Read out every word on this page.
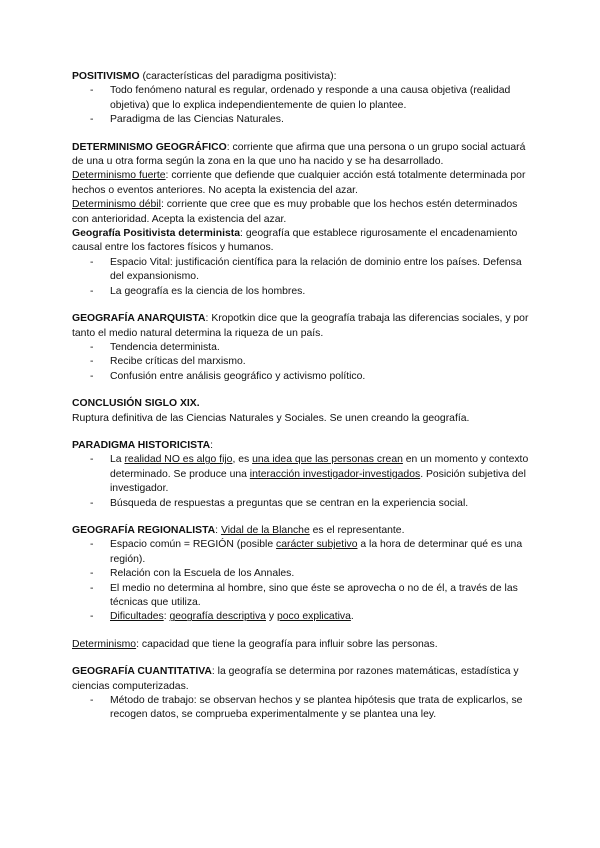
POSITIVISMO (características del paradigma positivista):

- Todo fenómeno natural es regular, ordenado y responde a una causa objetiva (realidad objetiva) que lo explica independientemente de quien lo plantee.
- Paradigma de las Ciencias Naturales.

DETERMINISMO GEOGRÁFICO: corriente que afirma que una persona o un grupo social actuará de una u otra forma según la zona en la que uno ha nacido y se ha desarrollado.

Determinismo fuerte: corriente que defiende que cualquier acción está totalmente determinada por hechos o eventos anteriores. No acepta la existencia del azar.

Determinismo débil: corriente que cree que es muy probable que los hechos estén determinados con anterioridad. Acepta la existencia del azar.

Geografía Positivista determinista: geografía que establece rigurosamente el encadenamiento causal entre los factores físicos y humanos.

- Espacio Vital: justificación científica para la relación de dominio entre los países. Defensa del expansionismo.
- La geografía es la ciencia de los hombres.

GEOGRAFÍA ANARQUISTA: Kropotkin dice que la geografía trabaja las diferencias sociales, y por tanto el medio natural determina la riqueza de un país.

- Tendencia determinista.
- Recibe críticas del marxismo.
- Confusión entre análisis geográfico y activismo político.

CONCLUSIÓN SIGLO XIX.

Ruptura definitiva de las Ciencias Naturales y Sociales. Se unen creando la geografía.

PARADIGMA HISTORICISTA:

- La realidad NO es algo fijo, es una idea que las personas crean en un momento y contexto determinado. Se produce una interacción investigador-investigados. Posición subjetiva del investigador.
- Búsqueda de respuestas a preguntas que se centran en la experiencia social.

GEOGRAFÍA REGIONALISTA: Vidal de la Blanche es el representante.

- Espacio común = REGIÓN (posible carácter subjetivo a la hora de determinar qué es una región).
- Relación con la Escuela de los Annales.
- El medio no determina al hombre, sino que éste se aprovecha o no de él, a través de las técnicas que utiliza.
- Dificultades: geografía descriptiva y poco explicativa.

Determinismo: capacidad que tiene la geografía para influir sobre las personas.

GEOGRAFÍA CUANTITATIVA: la geografía se determina por razones matemáticas, estadística y ciencias computerizadas.

- Método de trabajo: se observan hechos y se plantea hipótesis que trata de explicarlos, se recogen datos, se comprueba experimentalmente y se plantea una ley.
